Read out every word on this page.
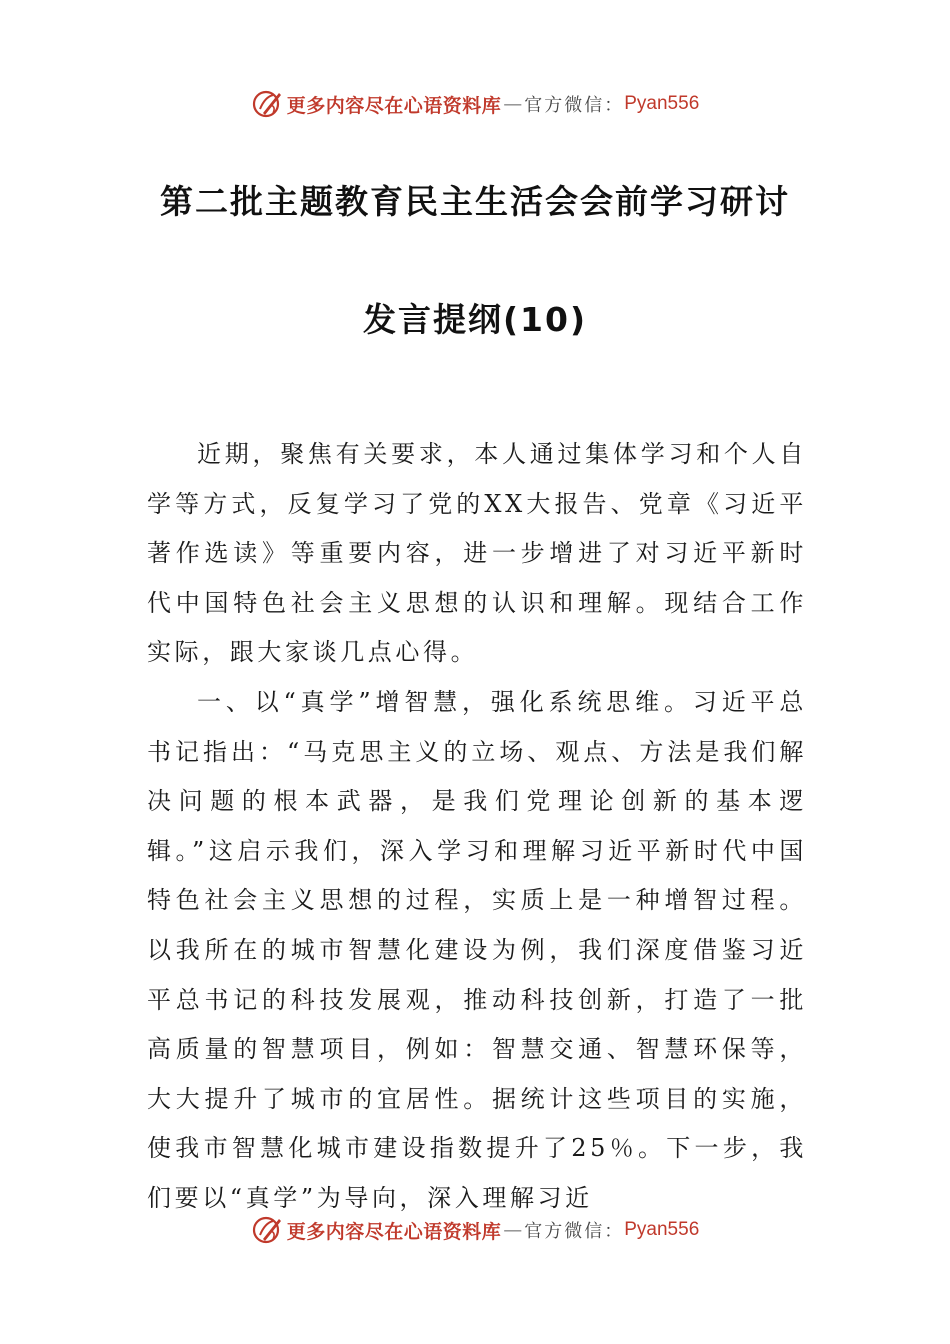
更多内容尽在心语资料库 — 官方微信： Pyan556
第二批主题教育民主生活会会前学习研讨
发言提纲(10)

近期，聚焦有关要求，本人通过集体学习和个人自学等方式，反复学习了党的XX大报告、党章《习近平著作选读》等重要内容，进一步增进了对习近平新时代中国特色社会主义思想的认识和理解。现结合工作实际，跟大家谈几点心得。

一、以“真学”增智慧，强化系统思维。习近平总书记指出：“马克思主义的立场、观点、方法是我们解决问题的根本武器，是我们党理论创新的基本逻辑。”这启示我们，深入学习和理解习近平新时代中国特色社会主义思想的过程，实质上是一种增智过程。以我所在的城市智慧化建设为例，我们深度借鉴习近平总书记的科技发展观，推动科技创新，打造了一批高质量的智慧项目，例如：智慧交通、智慧环保等，大大提升了城市的宜居性。据统计这些项目的实施，使我市智慧化城市建设指数提升了25％。下一步，我们要以“真学”为导向，深入理解习近

更多内容尽在心语资料库 — 官方微信： Pyan556
